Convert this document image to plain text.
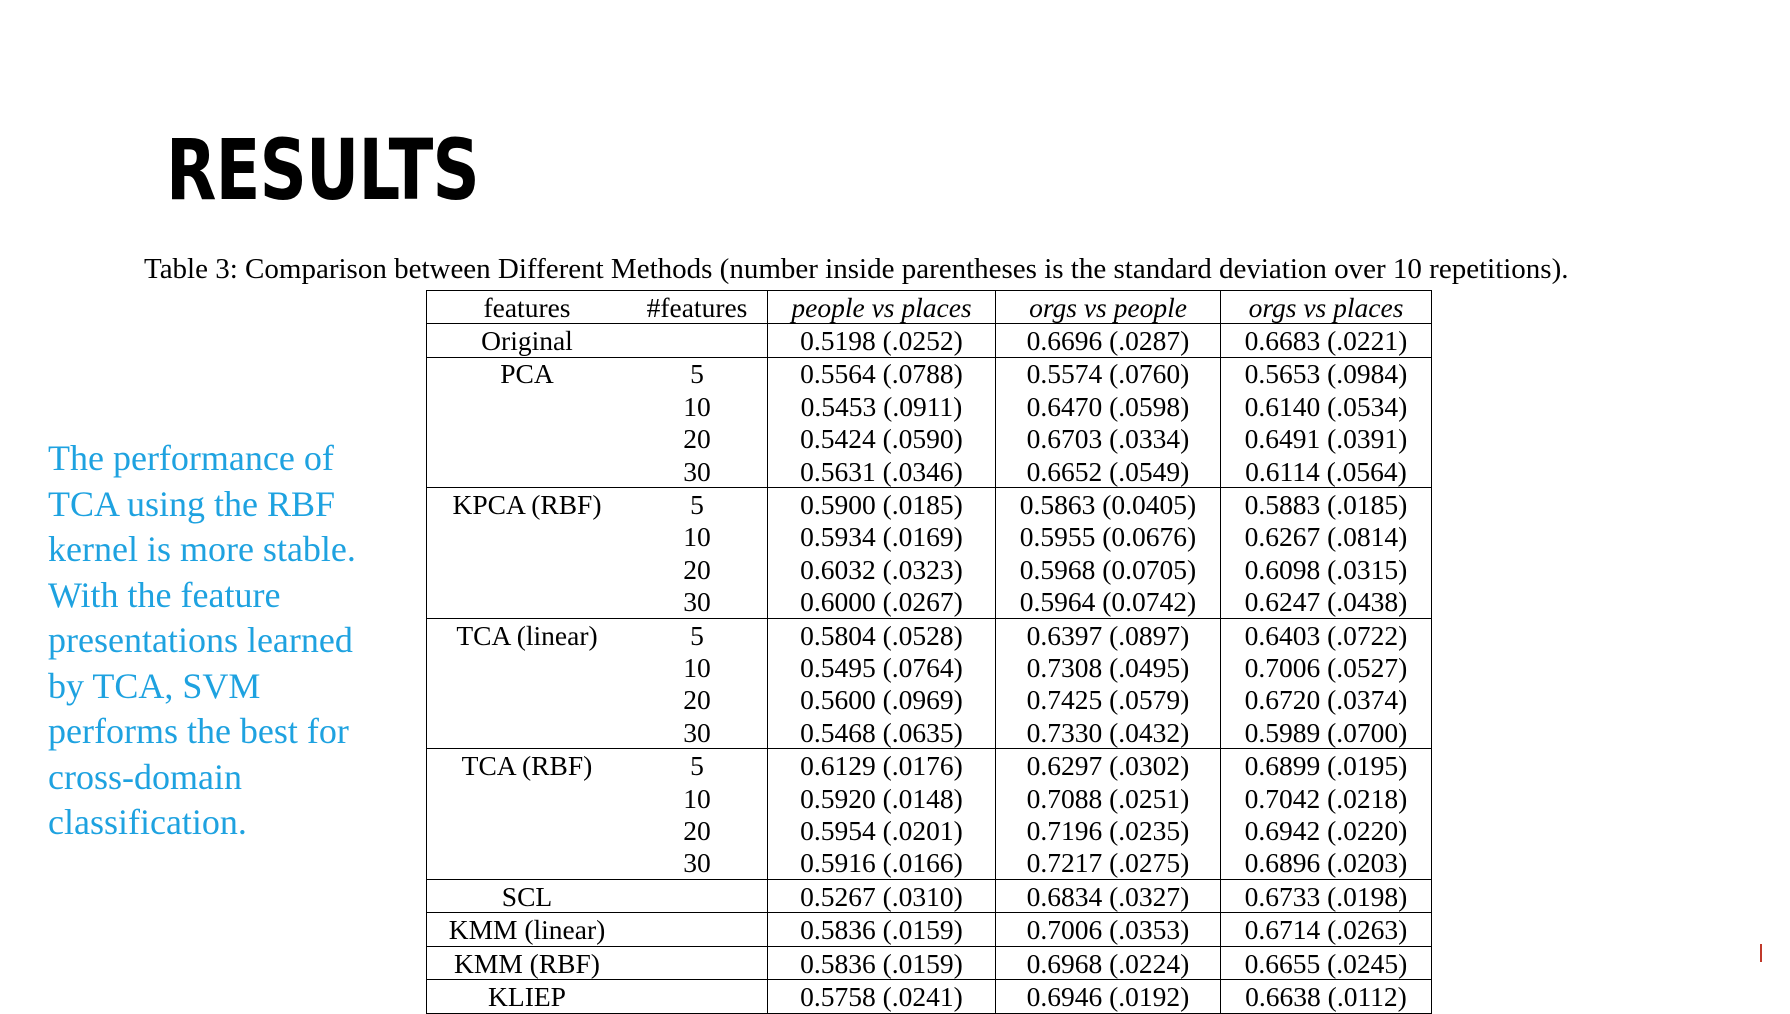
RESULTS
Table 3: Comparison between Different Methods (number inside parentheses is the standard deviation over 10 repetitions).

The performance of TCA using the RBF kernel is more stable.

With the feature presentations learned by TCA, SVM performs the best for cross-domain classification.

features	#features	people vs places	orgs vs people	orgs vs places
Original		0.5198 (.0252)	0.6696 (.0287)	0.6683 (.0221)
PCA	5	0.5564 (.0788)	0.5574 (.0760)	0.5653 (.0984)
	10	0.5453 (.0911)	0.6470 (.0598)	0.6140 (.0534)
	20	0.5424 (.0590)	0.6703 (.0334)	0.6491 (.0391)
	30	0.5631 (.0346)	0.6652 (.0549)	0.6114 (.0564)
KPCA (RBF)	5	0.5900 (.0185)	0.5863 (0.0405)	0.5883 (.0185)
	10	0.5934 (.0169)	0.5955 (0.0676)	0.6267 (.0814)
	20	0.6032 (.0323)	0.5968 (0.0705)	0.6098 (.0315)
	30	0.6000 (.0267)	0.5964 (0.0742)	0.6247 (.0438)
TCA (linear)	5	0.5804 (.0528)	0.6397 (.0897)	0.6403 (.0722)
	10	0.5495 (.0764)	0.7308 (.0495)	0.7006 (.0527)
	20	0.5600 (.0969)	0.7425 (.0579)	0.6720 (.0374)
	30	0.5468 (.0635)	0.7330 (.0432)	0.5989 (.0700)
TCA (RBF)	5	0.6129 (.0176)	0.6297 (.0302)	0.6899 (.0195)
	10	0.5920 (.0148)	0.7088 (.0251)	0.7042 (.0218)
	20	0.5954 (.0201)	0.7196 (.0235)	0.6942 (.0220)
	30	0.5916 (.0166)	0.7217 (.0275)	0.6896 (.0203)
SCL		0.5267 (.0310)	0.6834 (.0327)	0.6733 (.0198)
KMM (linear)		0.5836 (.0159)	0.7006 (.0353)	0.6714 (.0263)
KMM (RBF)		0.5836 (.0159)	0.6968 (.0224)	0.6655 (.0245)
KLIEP		0.5758 (.0241)	0.6946 (.0192)	0.6638 (.0112)
